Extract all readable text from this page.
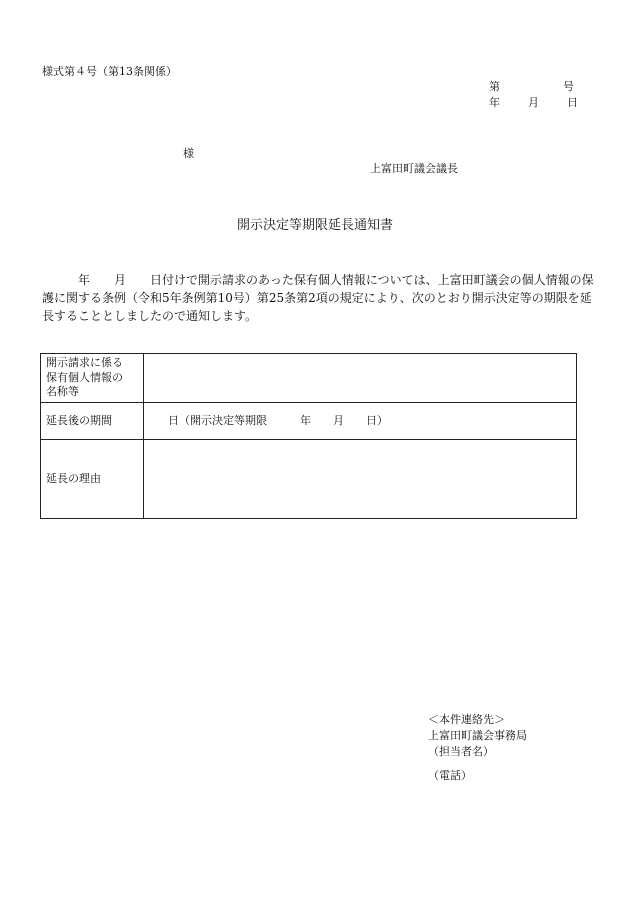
様式第４号（第13条関係）
第	号
年	月	日
様
上富田町議会議長
開示決定等期限延長通知書
　　　年　　月　　日付けで開示請求のあった保有個人情報については、上富田町議会の個人情報の保
護に関する条例（令和5年条例第10号）第25条第2項の規定により、次のとおり開示決定等の期限を延
長することとしましたので通知します。
開示請求に係る
保有個人情報の
名称等	

延長後の期間	日（開示決定等期限　　　年　　月　　日）

延長の理由	

＜本件連絡先＞
上富田町議会事務局
（担当者名）
（電話）
